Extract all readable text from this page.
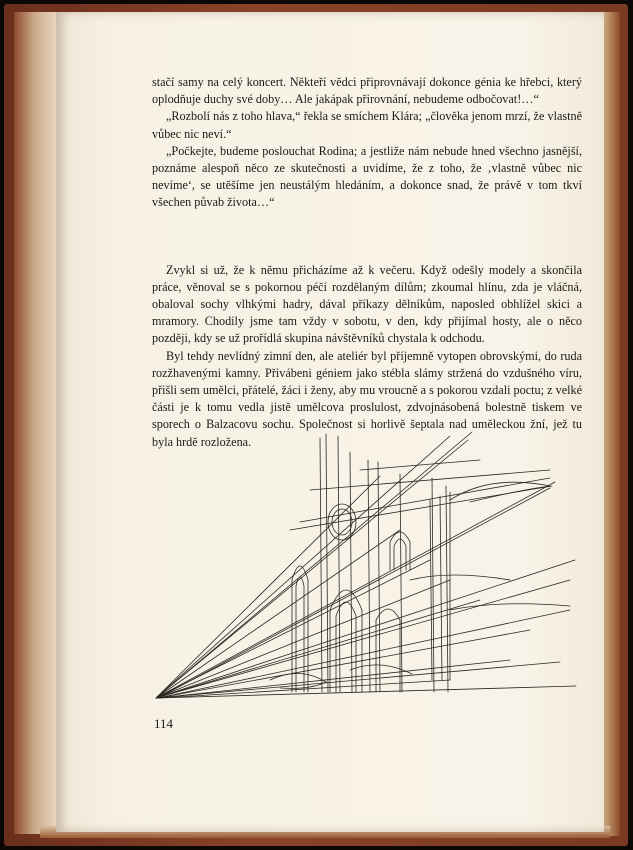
stačí samy na celý koncert. Někteří vědci připrovnávají dokonce génia ke hřebci, který oplodňuje duchy své doby… Ale jakápak přirovnání, nebudeme odbočovat!…“

„Rozbolí nás z toho hlava,“ řekla se smíchem Klára; „člověka jenom mrzí, že vlastně vůbec nic neví.“

„Počkejte, budeme poslouchat Rodina; a jestliže nám nebude hned všechno jasnější, poznáme alespoň něco ze skutečnosti a uvidíme, že z toho, že ‚vlastně vůbec nic nevíme‘, se utěšíme jen neustálým hledáním, a dokonce snad, že právě v tom tkví všechen půvab života…“

Zvykl si už, že k němu přicházíme až k večeru. Když odešly modely a skončila práce, věnoval se s pokornou péčí rozdělaným dílům; zkoumal hlínu, zda je vláčná, obaloval sochy vlhkými hadry, dával příkazy dělníkům, naposled obhlížel skici a mramory. Chodily jsme tam vždy v sobotu, v den, kdy přijímal hosty, ale o něco později, kdy se už prořídlá skupina návštěvníků chystala k odchodu.

Byl tehdy nevlídný zimní den, ale ateliér byl příjemně vytopen obrovskými, do ruda rozžhavenými kamny. Přivábeni géniem jako stébla slámy stržená do vzdušného víru, přišli sem umělci, přátelé, žáci i ženy, aby mu vroucně a s pokorou vzdali poctu; z velké části je k tomu vedla jistě umělcova proslulost, zdvojnásobená bolestně tiskem ve sporech o Balzacovu sochu. Společnost si horlivě šeptala nad uměleckou žní, jež tu byla hrdě rozložena.

114
